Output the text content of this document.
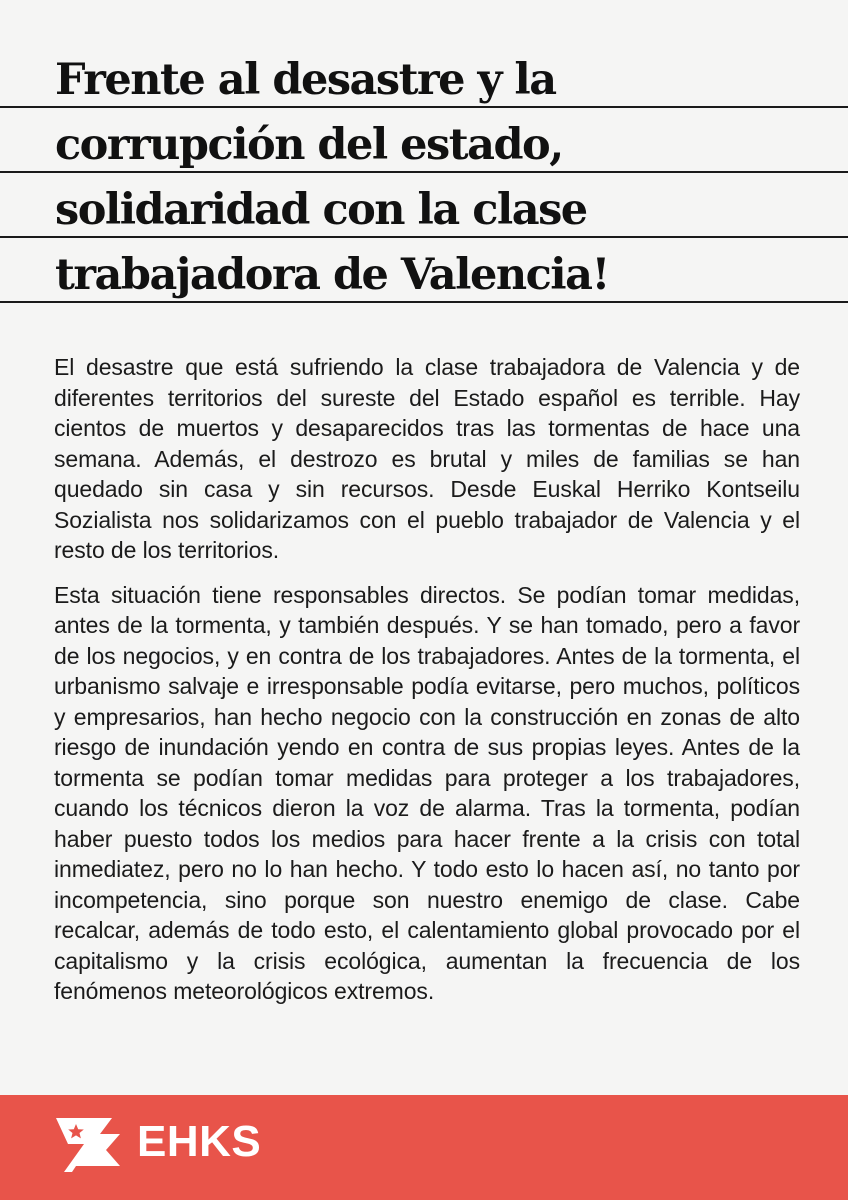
Frente al desastre y la
corrupción del estado,
solidaridad con la clase
trabajadora de Valencia!

El desastre que está sufriendo la clase trabajadora de Valencia y de diferentes territorios del sureste del Estado español es terrible. Hay cientos de muertos y desaparecidos tras las tormentas de hace una semana. Además, el destrozo es brutal y miles de familias se han quedado sin casa y sin recursos. Desde Euskal Herriko Kontseilu Sozialista nos solidarizamos con el pueblo trabajador de Valencia y el resto de los territorios.

Esta situación tiene responsables directos. Se podían tomar medidas, antes de la tormenta, y también después. Y se han tomado, pero a favor de los negocios, y en contra de los trabajadores. Antes de la tormenta, el urbanismo salvaje e irresponsable podía evitarse, pero muchos, políticos y empresarios, han hecho negocio con la construcción en zonas de alto riesgo de inundación yendo en contra de sus propias leyes. Antes de la tormenta se podían tomar medidas para proteger a los trabajadores, cuando los técnicos dieron la voz de alarma. Tras la tormenta, podían haber puesto todos los medios para hacer frente a la crisis con total inmediatez, pero no lo han hecho. Y todo esto lo hacen así, no tanto por incompetencia, sino porque son nuestro enemigo de clase. Cabe recalcar, además de todo esto, el calentamiento global provocado por el capitalismo y la crisis ecológica, aumentan la frecuencia de los fenómenos meteorológicos extremos.

EHKS
